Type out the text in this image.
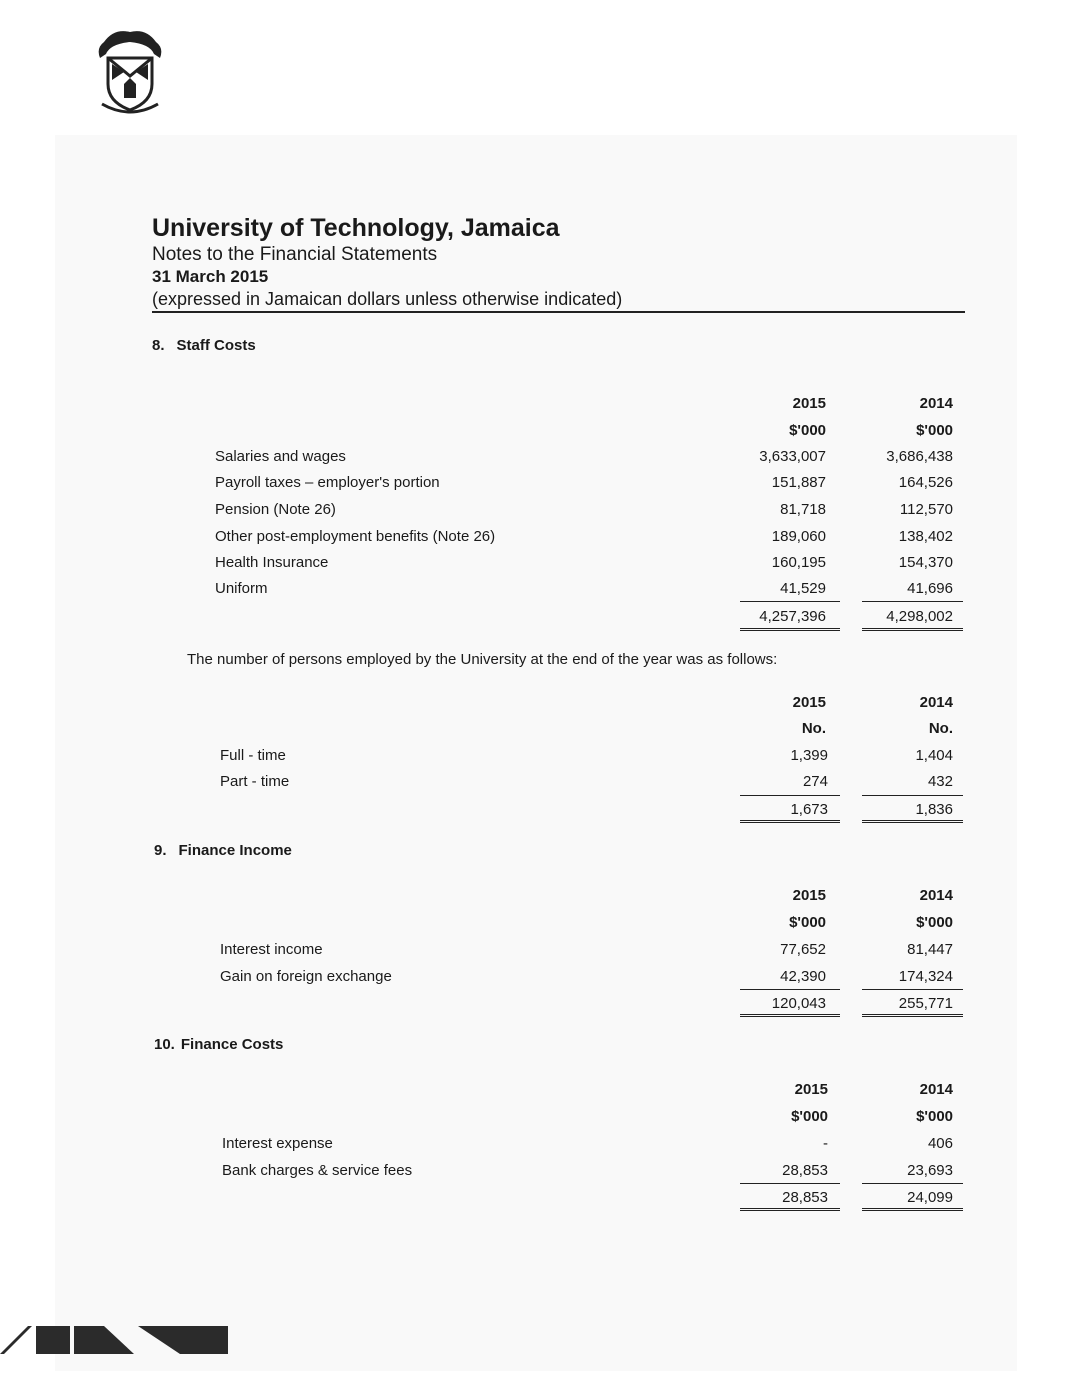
University of Technology, Jamaica
Notes to the Financial Statements
31 March 2015
(expressed in Jamaican dollars unless otherwise indicated)
8. Staff Costs
2015	2014
$'000	$'000
Salaries and wages	3,633,007	3,686,438
Payroll taxes – employer's portion	151,887	164,526
Pension (Note 26)	81,718	112,570
Other post-employment benefits (Note 26)	189,060	138,402
Health Insurance	160,195	154,370
Uniform	41,529	41,696
4,257,396	4,298,002
The number of persons employed by the University at the end of the year was as follows:
2015	2014
No.	No.
Full - time	1,399	1,404
Part - time	274	432
1,673	1,836
9. Finance Income
2015	2014
$'000	$'000
Interest income	77,652	81,447
Gain on foreign exchange	42,390	174,324
120,043	255,771
10. Finance Costs
2015	2014
$'000	$'000
Interest expense	-	406
Bank charges & service fees	28,853	23,693
28,853	24,099
